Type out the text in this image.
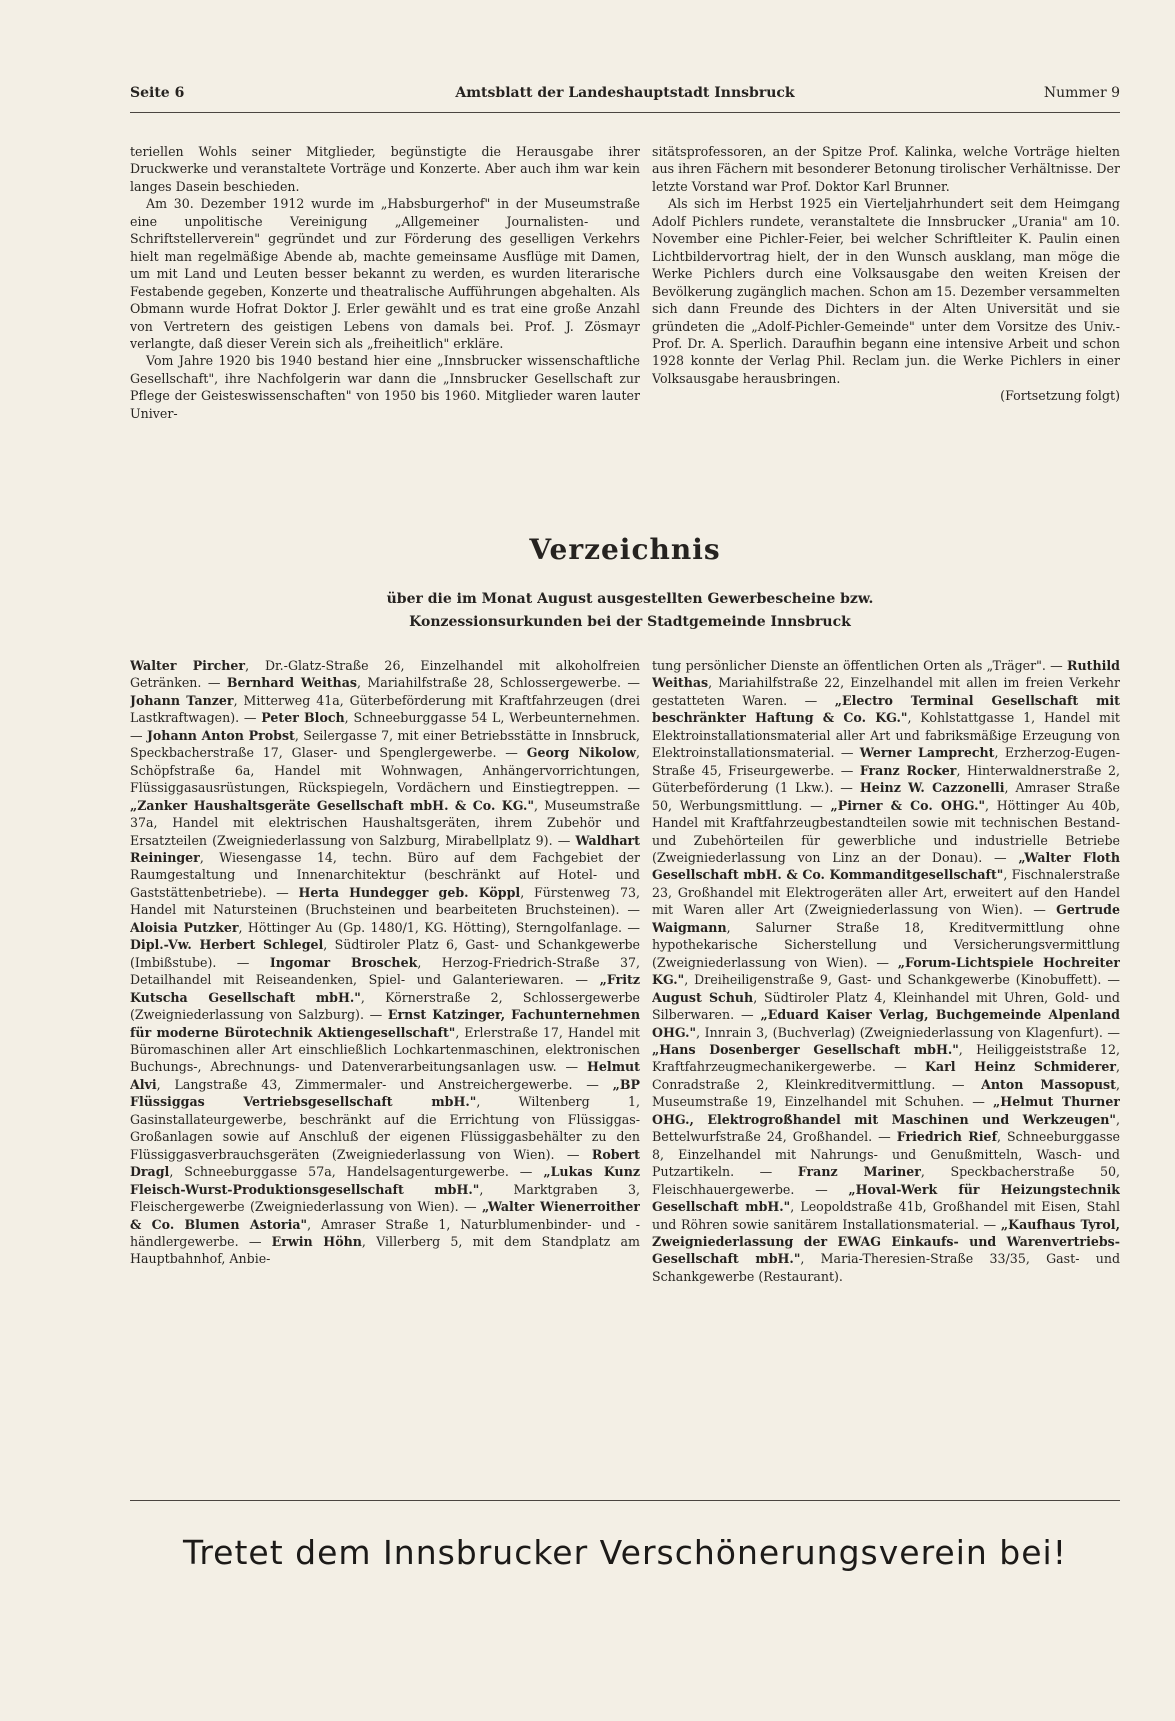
Seite 6	Amtsblatt der Landeshauptstadt Innsbruck	Nummer 9

teriellen Wohls seiner Mitglieder, begünstigte die Herausgabe ihrer Druckwerke und veranstaltete Vorträge und Konzerte. Aber auch ihm war kein langes Dasein beschieden.

Am 30. Dezember 1912 wurde im „Habsburgerhof" in der Museumstraße eine unpolitische Vereinigung „Allgemeiner Journalisten- und Schriftstellerverein" gegründet und zur Förderung des geselligen Verkehrs hielt man regelmäßige Abende ab, machte gemeinsame Ausflüge mit Damen, um mit Land und Leuten besser bekannt zu werden, es wurden literarische Festabende gegeben, Konzerte und theatralische Aufführungen abgehalten. Als Obmann wurde Hofrat Doktor J. Erler gewählt und es trat eine große Anzahl von Vertretern des geistigen Lebens von damals bei. Prof. J. Zösmayr verlangte, daß dieser Verein sich als „freiheitlich" erkläre.

Vom Jahre 1920 bis 1940 bestand hier eine „Innsbrucker wissenschaftliche Gesellschaft", ihre Nachfolgerin war dann die „Innsbrucker Gesellschaft zur Pflege der Geisteswissenschaften" von 1950 bis 1960. Mitglieder waren lauter Univer-

sitätsprofessoren, an der Spitze Prof. Kalinka, welche Vorträge hielten aus ihren Fächern mit besonderer Betonung tirolischer Verhältnisse. Der letzte Vorstand war Prof. Doktor Karl Brunner.

Als sich im Herbst 1925 ein Vierteljahrhundert seit dem Heimgang Adolf Pichlers rundete, veranstaltete die Innsbrucker „Urania" am 10. November eine Pichler-Feier, bei welcher Schriftleiter K. Paulin einen Lichtbildervortrag hielt, der in den Wunsch ausklang, man möge die Werke Pichlers durch eine Volksausgabe den weiten Kreisen der Bevölkerung zugänglich machen. Schon am 15. Dezember versammelten sich dann Freunde des Dichters in der Alten Universität und sie gründeten die „Adolf-Pichler-Gemeinde" unter dem Vorsitze des Univ.-Prof. Dr. A. Sperlich. Daraufhin begann eine intensive Arbeit und schon 1928 konnte der Verlag Phil. Reclam jun. die Werke Pichlers in einer Volksausgabe herausbringen.

(Fortsetzung folgt)
Verzeichnis
über die im Monat August ausgestellten Gewerbescheine bzw. Konzessionsurkunden bei der Stadtgemeinde Innsbruck

Walter Pircher, Dr.-Glatz-Straße 26, Einzelhandel mit alkoholfreien Getränken. — Bernhard Weithas, Mariahilfstraße 28, Schlossergewerbe. — Johann Tanzer, Mitterweg 41a, Güterbeförderung mit Kraftfahrzeugen (drei Lastkraftwagen). — Peter Bloch, Schneeburggasse 54 L, Werbeunternehmen. — Johann Anton Probst, Seilergasse 7, mit einer Betriebsstätte in Innsbruck, Speckbacherstraße 17, Glaser- und Spenglergewerbe. — Georg Nikolow, Schöpfstraße 6a, Handel mit Wohnwagen, Anhängervorrichtungen, Flüssiggasausrüstungen, Rückspiegeln, Vordächern und Einstiegtreppen. — „Zanker Haushaltsgeräte Gesellschaft mbH. & Co. KG.", Museumstraße 37a, Handel mit elektrischen Haushaltsgeräten, ihrem Zubehör und Ersatzteilen (Zweigniederlassung von Salzburg, Mirabellplatz 9). — Waldhart Reininger, Wiesengasse 14, techn. Büro auf dem Fachgebiet der Raumgestaltung und Innenarchitektur (beschränkt auf Hotel- und Gaststättenbetriebe). — Herta Hundegger geb. Köppl, Fürstenweg 73, Handel mit Natursteinen (Bruchsteinen und bearbeiteten Bruchsteinen). — Aloisia Putzker, Höttinger Au (Gp. 1480/1, KG. Hötting), Sterngolfanlage. — Dipl.-Vw. Herbert Schlegel, Südtiroler Platz 6, Gast- und Schankgewerbe (Imbißstube). — Ingomar Broschek, Herzog-Friedrich-Straße 37, Detailhandel mit Reiseandenken, Spiel- und Galanteriewaren. — „Fritz Kutscha Gesellschaft mbH.", Körnerstraße 2, Schlossergewerbe (Zweigniederlassung von Salzburg). — Ernst Katzinger, Fachunternehmen für moderne Bürotechnik Aktiengesellschaft", Erlerstraße 17, Handel mit Büromaschinen aller Art einschließlich Lochkartenmaschinen, elektronischen Buchungs-, Abrechnungs- und Datenverarbeitungsanlagen usw. — Helmut Alvi, Langstraße 43, Zimmermaler- und Anstreichergewerbe. — „BP Flüssiggas Vertriebsgesellschaft mbH.", Wiltenberg 1, Gasinstallateurgewerbe, beschränkt auf die Errichtung von Flüssiggas-Großanlagen sowie auf Anschluß der eigenen Flüssiggasbehälter zu den Flüssiggasverbrauchsgeräten (Zweigniederlassung von Wien). — Robert Dragl, Schneeburggasse 57a, Handelsagenturgewerbe. — „Lukas Kunz Fleisch-Wurst-Produktionsgesellschaft mbH.", Marktgraben 3, Fleischergewerbe (Zweigniederlassung von Wien). — „Walter Wienerroither & Co. Blumen Astoria", Amraser Straße 1, Naturblumenbinder- und -händlergewerbe. — Erwin Höhn, Villerberg 5, mit dem Standplatz am Hauptbahnhof, Anbie-

tung persönlicher Dienste an öffentlichen Orten als „Träger". — Ruthild Weithas, Mariahilfstraße 22, Einzelhandel mit allen im freien Verkehr gestatteten Waren. — „Electro Terminal Gesellschaft mit beschränkter Haftung & Co. KG.", Kohlstattgasse 1, Handel mit Elektroinstallationsmaterial aller Art und fabriksmäßige Erzeugung von Elektroinstallationsmaterial. — Werner Lamprecht, Erzherzog-Eugen-Straße 45, Friseurgewerbe. — Franz Rocker, Hinterwaldnerstraße 2, Güterbeförderung (1 Lkw.). — Heinz W. Cazzonelli, Amraser Straße 50, Werbungsmittlung. — „Pirner & Co. OHG.", Höttinger Au 40b, Handel mit Kraftfahrzeugbestandteilen sowie mit technischen Bestand- und Zubehörteilen für gewerbliche und industrielle Betriebe (Zweigniederlassung von Linz an der Donau). — „Walter Floth Gesellschaft mbH. & Co. Kommanditgesellschaft", Fischnalerstraße 23, Großhandel mit Elektrogeräten aller Art, erweitert auf den Handel mit Waren aller Art (Zweigniederlassung von Wien). — Gertrude Waigmann, Salurner Straße 18, Kreditvermittlung ohne hypothekarische Sicherstellung und Versicherungsvermittlung (Zweigniederlassung von Wien). — „Forum-Lichtspiele Hochreiter KG.", Dreiheiligenstraße 9, Gast- und Schankgewerbe (Kinobuffett). — August Schuh, Südtiroler Platz 4, Kleinhandel mit Uhren, Gold- und Silberwaren. — „Eduard Kaiser Verlag, Buchgemeinde Alpenland OHG.", Innrain 3, (Buchverlag) (Zweigniederlassung von Klagenfurt). — „Hans Dosenberger Gesellschaft mbH.", Heiliggeiststraße 12, Kraftfahrzeugmechanikergewerbe. — Karl Heinz Schmiderer, Conradstraße 2, Kleinkreditvermittlung. — Anton Massopust, Museumstraße 19, Einzelhandel mit Schuhen. — „Helmut Thurner OHG., Elektrogroßhandel mit Maschinen und Werkzeugen", Bettelwurfstraße 24, Großhandel. — Friedrich Rief, Schneeburggasse 8, Einzelhandel mit Nahrungs- und Genußmitteln, Wasch- und Putzartikeln. — Franz Mariner, Speckbacherstraße 50, Fleischhauergewerbe. — „Hoval-Werk für Heizungstechnik Gesellschaft mbH.", Leopoldstraße 41b, Großhandel mit Eisen, Stahl und Röhren sowie sanitärem Installationsmaterial. — „Kaufhaus Tyrol, Zweigniederlassung der EWAG Einkaufs- und Warenvertriebs-Gesellschaft mbH.", Maria-Theresien-Straße 33/35, Gast- und Schankgewerbe (Restaurant).

Tretet dem Innsbrucker Verschönerungsverein bei!
